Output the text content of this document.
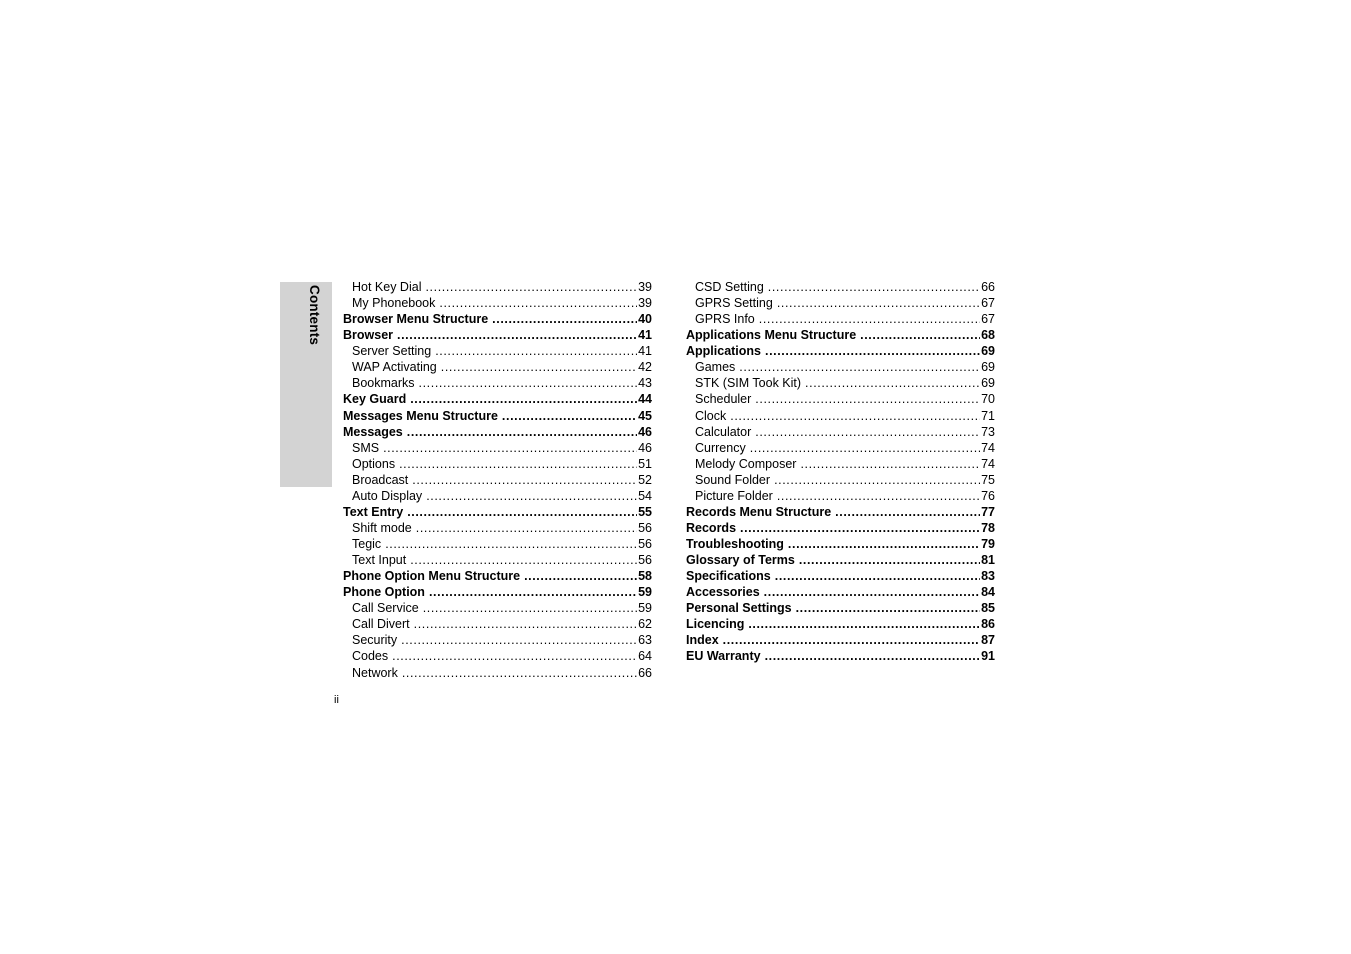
Contents Hot Key Dial .....	39
My Phonebook .....	39
Browser Menu Structure .....	40
Browser .....	41
Server Setting .....	41
WAP Activating .....	42
Bookmarks .....	43
Key Guard .....	44
Messages Menu Structure .....	45
Messages .....	46
SMS .....	46
Options .....	51
Broadcast .....	52
Auto Display .....	54
Text Entry .....	55
Shift mode .....	56
Tegic .....	56
Text Input .....	56
Phone Option Menu Structure .....	58
Phone Option .....	59
Call Service .....	59
Call Divert .....	62
Security .....	63
Codes .....	64
Network .....	66
CSD Setting .....	66
GPRS Setting .....	67
GPRS Info .....	67
Applications Menu Structure .....	68
Applications .....	69
Games .....	69
STK (SIM Took Kit) .....	69
Scheduler .....	70
Clock .....	71
Calculator .....	73
Currency .....	74
Melody Composer .....	74
Sound Folder .....	75
Picture Folder .....	76
Records Menu Structure .....	77
Records .....	78
Troubleshooting .....	79
Glossary of Terms .....	81
Specifications .....	83
Accessories .....	84
Personal Settings .....	85
Licencing .....	86
Index .....	87
EU Warranty .....	91
ii
